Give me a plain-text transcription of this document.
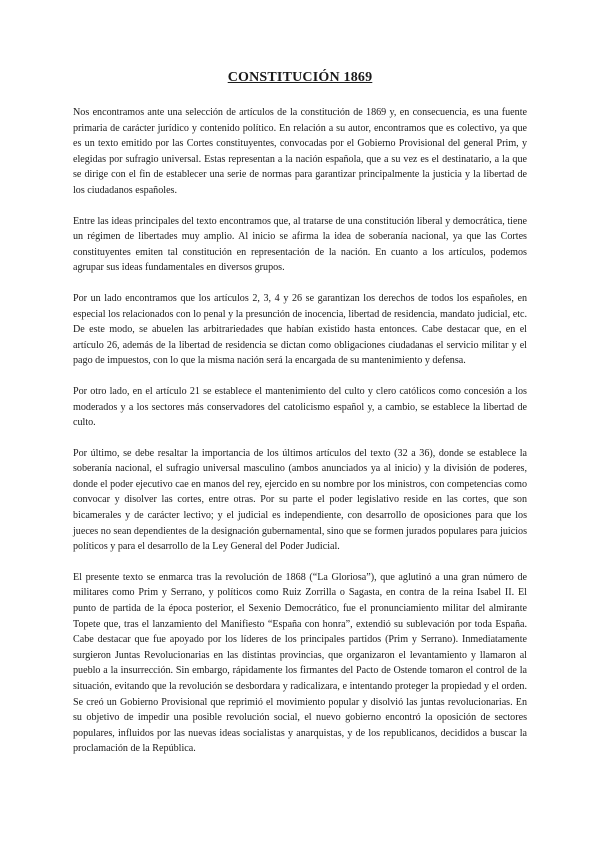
CONSTITUCIÓN 1869

Nos encontramos ante una selección de artículos de la constitución de 1869 y, en consecuencia, es una fuente primaria de carácter jurídico y contenido político. En relación a su autor, encontramos que es colectivo, ya que es un texto emitido por las Cortes constituyentes, convocadas por el Gobierno Provisional del general Prim, y elegidas por sufragio universal. Estas representan a la nación española, que a su vez es el destinatario, a la que se dirige con el fin de establecer una serie de normas para garantizar principalmente la justicia y la libertad de los ciudadanos españoles.

Entre las ideas principales del texto encontramos que, al tratarse de una constitución liberal y democrática, tiene un régimen de libertades muy amplio. Al inicio se afirma la idea de soberanía nacional, ya que las Cortes constituyentes emiten tal constitución en representación de la nación. En cuanto a los artículos, podemos agrupar sus ideas fundamentales en diversos grupos.

Por un lado encontramos que los artículos 2, 3, 4 y 26 se garantizan los derechos de todos los españoles, en especial los relacionados con lo penal y la presunción de inocencia, libertad de residencia, mandato judicial, etc. De este modo, se abuelen las arbitrariedades que habían existido hasta entonces. Cabe destacar que, en el artículo 26, además de la libertad de residencia se dictan como obligaciones ciudadanas el servicio militar y el pago de impuestos, con lo que la misma nación será la encargada de su mantenimiento y defensa.

Por otro lado, en el artículo 21 se establece el mantenimiento del culto y clero católicos como concesión a los moderados y a los sectores más conservadores del catolicismo español y, a cambio, se establece la libertad de culto.

Por último, se debe resaltar la importancia de los últimos artículos del texto (32 a 36), donde se establece la soberanía nacional, el sufragio universal masculino (ambos anunciados ya al inicio) y la división de poderes, donde el poder ejecutivo cae en manos del rey, ejercido en su nombre por los ministros, con competencias como convocar y disolver las cortes, entre otras. Por su parte el poder legislativo reside en las cortes, que son bicamerales y de carácter lectivo; y el judicial es independiente, con desarrollo de oposiciones para que los jueces no sean dependientes de la designación gubernamental, sino que se formen jurados populares para juicios políticos y para el desarrollo de la Ley General del Poder Judicial.

El presente texto se enmarca tras la revolución de 1868 (“La Gloriosa”), que aglutinó a una gran número de militares como Prim y Serrano, y políticos como Ruiz Zorrilla o Sagasta, en contra de la reina Isabel II. El punto de partida de la época posterior, el Sexenio Democrático, fue el pronunciamiento militar del almirante Topete que, tras el lanzamiento del Manifiesto “España con honra”, extendió su sublevación por toda España. Cabe destacar que fue apoyado por los líderes de los principales partidos (Prim y Serrano). Inmediatamente surgieron Juntas Revolucionarias en las distintas provincias, que organizaron el levantamiento y llamaron al pueblo a la insurrección. Sin embargo, rápidamente los firmantes del Pacto de Ostende tomaron el control de la situación, evitando que la revolución se desbordara y radicalizara, e intentando proteger la propiedad y el orden. Se creó un Gobierno Provisional que reprimió el movimiento popular y disolvió las juntas revolucionarias. En su objetivo de impedir una posible revolución social, el nuevo gobierno encontró la oposición de sectores populares, influidos por las nuevas ideas socialistas y anarquistas, y de los republicanos, decididos a buscar la proclamación de la República.
